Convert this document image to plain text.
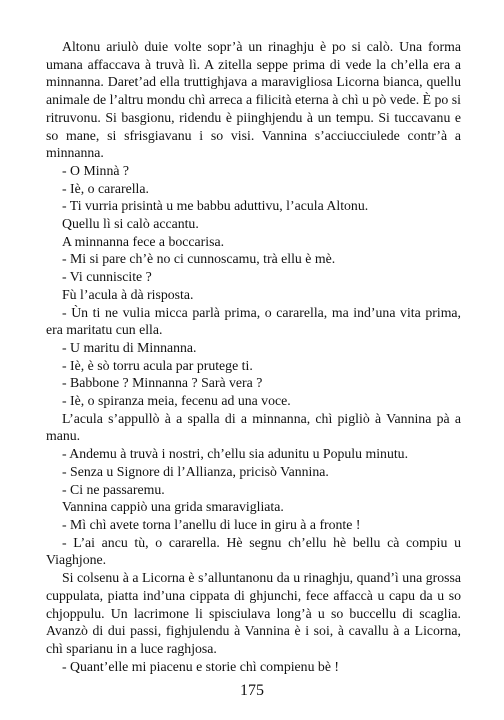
Altonu ariulò duie volte sopr’à un rinaghju è po si calò. Una forma umana affaccava à truvà lì. A zitella seppe prima di vede la ch’ella era a minnanna. Daret’ad ella truttighjava a maravigliosa Licorna bianca, quellu animale de l’altru mondu chì arreca a filicità eterna à chì u pò vede. È po si ritruvonu. Si basgionu, ridendu è piinghjendu à un tempu. Si tuccavanu e so mane, si sfrisgiavanu i so visi. Vannina s’acciucciulede contr’à a minnanna.

- O Minnà ?

- Iè, o cararella.

- Ti vurria prisintà u me babbu aduttivu, l’acula Altonu.

Quellu lì si calò accantu.

A minnanna fece a boccarisa.

- Mi si pare ch’è no ci cunnoscamu, trà ellu è mè.

- Vi cunniscite ?

Fù l’acula à dà risposta.

- Ùn ti ne vulia micca parlà prima, o cararella, ma ind’una vita prima, era maritatu cun ella.

- U maritu di Minnanna.

- Iè, è sò torru acula par prutege ti.

- Babbone ? Minnanna ? Sarà vera ?

- Iè, o spiranza meia, fecenu ad una voce.

L’acula s’appullò à a spalla di a minnanna, chì pigliò à Vannina pà a manu.

- Andemu à truvà i nostri, ch’ellu sia adunitu u Populu minutu.

- Senza u Signore di l’Allianza, pricisò Vannina.

- Ci ne passaremu.

Vannina cappiò una grida smaravigliata.

- Mì chì avete torna l’anellu di luce in giru à a fronte !

- L’ai ancu tù, o cararella. Hè segnu ch’ellu hè bellu cà compiu u Viaghjone.

Si colsenu à a Licorna è s’alluntanonu da u rinaghju, quand’ì una grossa cuppulata, piatta ind’una cippata di ghjunchi, fece affaccà u capu da u so chjoppulu. Un lacrimone li spisciulava long’à u so buccellu di scaglia. Avanzò di dui passi, fighjulendu à Vannina è i soi, à cavallu à a Licorna, chì sparianu in a luce raghjosa.

- Quant’elle mi piacenu e storie chì compienu bè !

175
